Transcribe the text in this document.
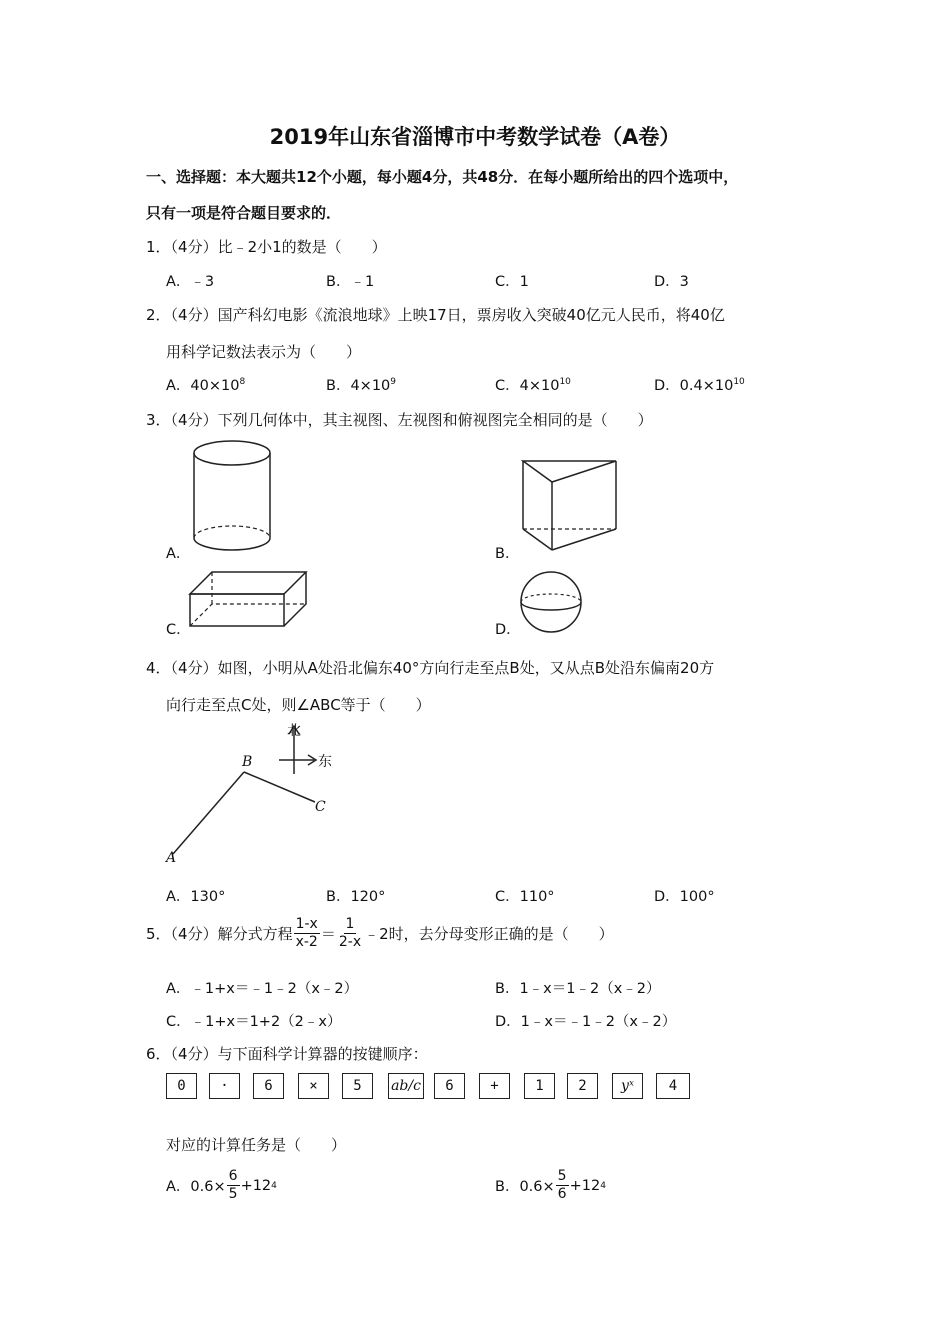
2019年山东省淄博市中考数学试卷（A卷）
一、选择题：本大题共12个小题，每小题4分，共48分．在每小题所给出的四个选项中，
只有一项是符合题目要求的．
1．（4分）比﹣2小1的数是（　　）
A．﹣3	B．﹣1	C．1	D．3
2．（4分）国产科幻电影《流浪地球》上映17日，票房收入突破40亿元人民币，将40亿
用科学记数法表示为（　　）
A．$40\times 10^8$	B．$4\times 10^9$	C．$4\times 10^{10}$	D．$0.4\times 10^{10}$
3．（4分）下列几何体中，其主视图、左视图和俯视图完全相同的是（　　）
A．	B．
C．	D．
4．（4分）如图，小明从A处沿北偏东40°方向行走至点B处，又从点B处沿东偏南20方
向行走至点C处，则∠ABC等于（　　）
北
东
A
B
C
A．130°	B．120°	C．110°	D．100°
5．（4分）解分式方程 $\frac{1-x}{x-2} = \frac{1}{2-x}$ ﹣2时，去分母变形正确的是（　　）
A．﹣1+x＝﹣1﹣2（x﹣2）	B．1﹣x＝1﹣2（x﹣2）
C．﹣1+x＝1+2（2﹣x）	D．1﹣x＝﹣1﹣2（x﹣2）
6．（4分）与下面科学计算器的按键顺序：
0	·	6	×	5	ab/c	6	+	1	2	yˣ	4
对应的计算任务是（　　）
A．$0.6\times \frac{6}{5} +12$ 4	B．$0.6\times \frac{5}{6} +12$ 4
